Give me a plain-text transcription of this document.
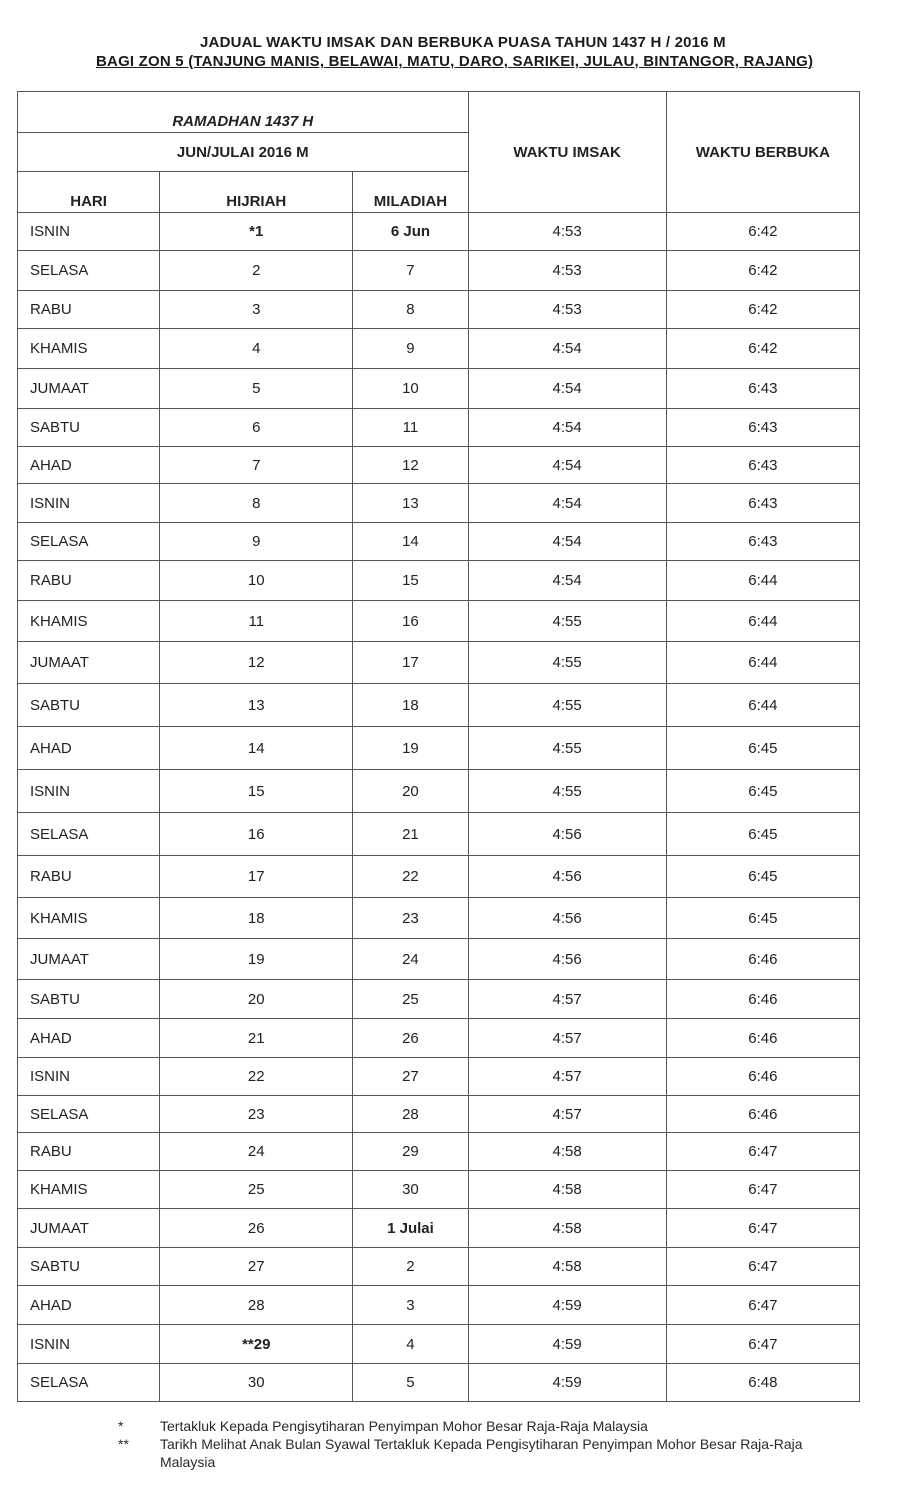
JADUAL WAKTU IMSAK DAN BERBUKA PUASA TAHUN 1437 H / 2016 M
BAGI ZON 5 (TANJUNG MANIS, BELAWAI, MATU, DARO, SARIKEI, JULAU, BINTANGOR, RAJANG)
RAMADHAN 1437 H			WAKTU IMSAK	WAKTU BERBUKA
JUN/JULAI 2016 M				
HARI	HIJRIAH	MILADIAH		
ISNIN	*1	6 Jun	4:53	6:42
SELASA	2	7	4:53	6:42
RABU	3	8	4:53	6:42
KHAMIS	4	9	4:54	6:42
JUMAAT	5	10	4:54	6:43
SABTU	6	11	4:54	6:43
AHAD	7	12	4:54	6:43
ISNIN	8	13	4:54	6:43
SELASA	9	14	4:54	6:43
RABU	10	15	4:54	6:44
KHAMIS	11	16	4:55	6:44
JUMAAT	12	17	4:55	6:44
SABTU	13	18	4:55	6:44
AHAD	14	19	4:55	6:45
ISNIN	15	20	4:55	6:45
SELASA	16	21	4:56	6:45
RABU	17	22	4:56	6:45
KHAMIS	18	23	4:56	6:45
JUMAAT	19	24	4:56	6:46
SABTU	20	25	4:57	6:46
AHAD	21	26	4:57	6:46
ISNIN	22	27	4:57	6:46
SELASA	23	28	4:57	6:46
RABU	24	29	4:58	6:47
KHAMIS	25	30	4:58	6:47
JUMAAT	26	1 Julai	4:58	6:47
SABTU	27	2	4:58	6:47
AHAD	28	3	4:59	6:47
ISNIN	**29	4	4:59	6:47
SELASA	30	5	4:59	6:48
*	Tertakluk Kepada Pengisytiharan Penyimpan Mohor Besar Raja-Raja Malaysia
**	Tarikh Melihat Anak Bulan Syawal Tertakluk Kepada Pengisytiharan Penyimpan Mohor Besar Raja-Raja Malaysia
